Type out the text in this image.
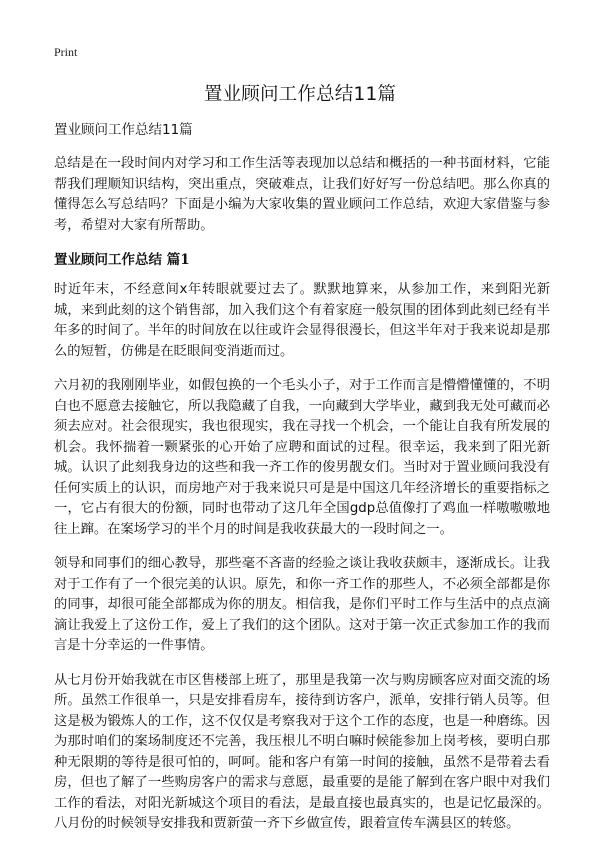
Print
置业顾问工作总结11篇

置业顾问工作总结11篇

总结是在一段时间内对学习和工作生活等表现加以总结和概括的一种书面材料，它能帮我们理顺知识结构，突出重点，突破难点，让我们好好写一份总结吧。那么你真的懂得怎么写总结吗？下面是小编为大家收集的置业顾问工作总结，欢迎大家借鉴与参考，希望对大家有所帮助。

置业顾问工作总结 篇1

时近年末，不经意间x年转眼就要过去了。默默地算来，从参加工作，来到阳光新城，来到此刻的这个销售部，加入我们这个有着家庭一般氛围的团体到此刻已经有半年多的时间了。半年的时间放在以往或许会显得很漫长，但这半年对于我来说却是那么的短暂，仿佛是在眨眼间变消逝而过。

六月初的我刚刚毕业，如假包换的一个毛头小子，对于工作而言是懵懵懂懂的，不明白也不愿意去接触它，所以我隐藏了自我，一向藏到大学毕业，藏到我无处可藏而必须去应对。社会很现实，我也很现实，我在寻找一个机会，一个能让自我有所发展的机会。我怀揣着一颗紧张的心开始了应聘和面试的过程。很幸运，我来到了阳光新城。认识了此刻我身边的这些和我一齐工作的俊男靓女们。当时对于置业顾问我没有任何实质上的认识，而房地产对于我来说只可是是中国这几年经济增长的重要指标之一，它占有很大的份额，同时也带动了这几年全国gdp总值像打了鸡血一样嗷嗷嗷地往上蹿。在案场学习的半个月的时间是我收获最大的一段时间之一。

领导和同事们的细心教导，那些毫不吝啬的经验之谈让我收获颇丰，逐渐成长。让我对于工作有了一个很完美的认识。原先，和你一齐工作的那些人，不必须全部都是你的同事，却很可能全部都成为你的朋友。相信我，是你们平时工作与生活中的点点滴滴让我爱上了这份工作，爱上了我们的这个团队。这对于第一次正式参加工作的我而言是十分幸运的一件事情。

从七月份开始我就在市区售楼部上班了，那里是我第一次与购房顾客应对面交流的场所。虽然工作很单一，只是安排看房车，接待到访客户，派单，安排行销人员等。但这是极为锻炼人的工作，这不仅仅是考察我对于这个工作的态度，也是一种磨练。因为那时咱们的案场制度还不完善，我压根儿不明白嘛时候能参加上岗考核，要明白那种无限期的等待是很可怕的，呵呵。能和客户有第一时间的接触，虽然不是带着去看房，但也了解了一些购房客户的需求与意愿，最重要的是能了解到在客户眼中对我们工作的看法，对阳光新城这个项目的看法，是最直接也最真实的，也是记忆最深的。八月份的时候领导安排我和贾新萤一齐下乡做宣传，跟着宣传车满县区的转悠。
